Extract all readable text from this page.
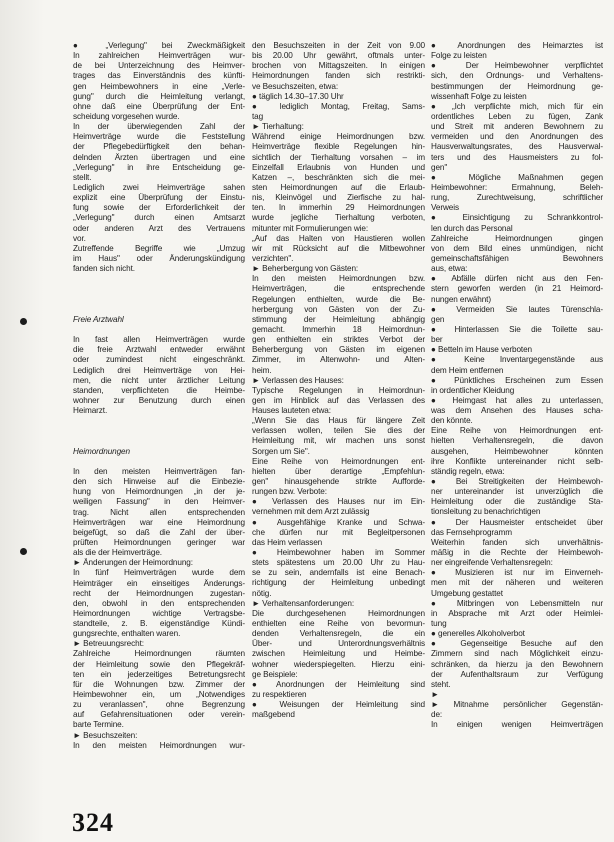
● „Verlegung" bei Zweckmäßigkeit
In zahlreichen Heimverträgen wur-
de bei Unterzeichnung des Heimver-
trages das Einverständnis des künfti-
gen Heimbewohners in eine „Verle-
gung" durch die Heimleitung verlangt,
ohne daß eine Überprüfung der Ent-
scheidung vorgesehen wurde.
In der überwiegenden Zahl der
Heimverträge wurde die Feststellung
der Pflegebedürftigkeit den behan-
delnden Ärzten übertragen und eine
„Verlegung" in ihre Entscheidung ge-
stellt.
Lediglich zwei Heimverträge sahen
explizit eine Überprüfung der Einstu-
fung sowie der Erforderlichkeit der
„Verlegung" durch einen Amtsarzt
oder anderen Arzt des Vertrauens
vor.
Zutreffende Begriffe wie „Umzug
im Haus" oder Änderungskündigung
fanden sich nicht.
Freie Arztwahl
In fast allen Heimverträgen wurde
die freie Arztwahl entweder erwähnt
oder zumindest nicht eingeschränkt.
Lediglich drei Heimverträge von Hei-
men, die nicht unter ärztlicher Leitung
standen, verpflichteten die Heimbe-
wohner zur Benutzung durch einen
Heimarzt.
Heimordnungen
In den meisten Heimverträgen fan-
den sich Hinweise auf die Einbezie-
hung von Heimordnungen „in der je-
weiligen Fassung" in den Heimver-
trag. Nicht allen entsprechenden
Heimverträgen war eine Heimordnung
beigefügt, so daß die Zahl der über-
prüften Heimordnungen geringer war
als die der Heimverträge.
► Änderungen der Heimordnung:
In fünf Heimverträgen wurde dem
Heimträger ein einseitiges Änderungs-
recht der Heimordnungen zugestan-
den, obwohl in den entsprechenden
Heimordnungen wichtige Vertragsbe-
standteile, z. B. eigenständige Kündi-
gungsrechte, enthalten waren.
► Betreuungsrecht:
Zahlreiche Heimordnungen räumten
der Heimleitung sowie den Pflegekräf-
ten ein jederzeitiges Betretungsrecht
für die Wohnungen bzw. Zimmer der
Heimbewohner ein, um „Notwendiges
zu veranlassen", ohne Begrenzung
auf Gefahrensituationen oder verein-
barte Termine.
► Besuchszeiten:
In den meisten Heimordnungen wur-
den Besuchszeiten in der Zeit von 9.00
bis 20.00 Uhr gewährt, oftmals unter-
brochen von Mittagszeiten. In einigen
Heimordnungen fanden sich restrikti-
ve Besuchszeiten, etwa:
● täglich 14.30–17.30 Uhr
● lediglich Montag, Freitag, Sams-
tag
► Tierhaltung:
Während einige Heimordnungen bzw.
Heimverträge flexible Regelungen hin-
sichtlich der Tierhaltung vorsahen – im
Einzelfall Erlaubnis von Hunden und
Katzen –, beschränkten sich die mei-
sten Heimordnungen auf die Erlaub-
nis, Kleinvögel und Zierfische zu hal-
ten. In immerhin 29 Heimordnungen
wurde jegliche Tierhaltung verboten,
mitunter mit Formulierungen wie:
„Auf das Halten von Haustieren wollen
wir mit Rücksicht auf die Mitbewohner
verzichten".
► Beherbergung von Gästen:
In den meisten Heimordnungen bzw.
Heimverträgen, die entsprechende
Regelungen enthielten, wurde die Be-
herbergung von Gästen von der Zu-
stimmung der Heimleitung abhängig
gemacht. Immerhin 18 Heimordnun-
gen enthielten ein striktes Verbot der
Beherbergung von Gästen im eigenen
Zimmer, im Altenwohn- und Alten-
heim.
► Verlassen des Hauses:
Typische Regelungen in Heimordnun-
gen im Hinblick auf das Verlassen des
Hauses lauteten etwa:
„Wenn Sie das Haus für längere Zeit
verlassen wollen, teilen Sie dies der
Heimleitung mit, wir machen uns sonst
Sorgen um Sie".
Eine Reihe von Heimordnungen ent-
hielten über derartige „Empfehlun-
gen" hinausgehende strikte Aufforde-
rungen bzw. Verbote:
● Verlassen des Hauses nur im Ein-
vernehmen mit dem Arzt zulässig
● Ausgehfähige Kranke und Schwa-
che dürfen nur mit Begleitpersonen
das Heim verlassen
● Heimbewohner haben im Sommer
stets spätestens um 20.00 Uhr zu Hau-
se zu sein, andernfalls ist eine Benach-
richtigung der Heimleitung unbedingt
nötig.
► Verhaltensanforderungen:
Die durchgesehenen Heimordnungen
enthielten eine Reihe von bevormun-
denden Verhaltensregeln, die ein
Über- und Unterordnungsverhältnis
zwischen Heimleitung und Heimbe-
wohner wiederspiegelten. Hierzu eini-
ge Beispiele:
● Anordnungen der Heimleitung sind
zu respektieren
● Weisungen der Heimleitung sind
maßgebend
● Anordnungen des Heimarztes ist
Folge zu leisten
● Der Heimbewohner verpflichtet
sich, den Ordnungs- und Verhaltens-
bestimmungen der Heimordnung ge-
wissenhaft Folge zu leisten
● „Ich verpflichte mich, mich für ein
ordentliches Leben zu fügen, Zank
und Streit mit anderen Bewohnern zu
vermeiden und den Anordnungen des
Hausverwaltungsrates, des Hausverwal-
ters und des Hausmeisters zu fol-
gen"
● Mögliche Maßnahmen gegen
Heimbewohner: Ermahnung, Beleh-
rung, Zurechtweisung, schriftlicher
Verweis
● Einsichtigung zu Schrankkontrol-
len durch das Personal
Zahlreiche Heimordnungen gingen
von dem Bild eines unmündigen, nicht
gemeinschaftsfähigen Bewohners
aus, etwa:
● Abfälle dürfen nicht aus den Fen-
stern geworfen werden (in 21 Heimord-
nungen erwähnt)
● Vermeiden Sie lautes Türenschla-
gen
● Hinterlassen Sie die Toilette sau-
ber
● Betteln im Hause verboten
● Keine Inventargegenstände aus
dem Heim entfernen
● Pünktliches Erscheinen zum Essen
in ordentlicher Kleidung
● Heimgast hat alles zu unterlassen,
was dem Ansehen des Hauses scha-
den könnte.
Eine Reihe von Heimordnungen ent-
hielten Verhaltensregeln, die davon
ausgehen, Heimbewohner könnten
ihre Konflikte untereinander nicht selb-
ständig regeln, etwa:
● Bei Streitigkeiten der Heimbewoh-
ner untereinander ist unverzüglich die
Heimleitung oder die zuständige Sta-
tionsleitung zu benachrichtigen
● Der Hausmeister entscheidet über
das Fernsehprogramm
Weiterhin fanden sich unverhältnis-
mäßig in die Rechte der Heimbewoh-
ner eingreifende Verhaltensregeln:
● Musizieren ist nur im Einverneh-
men mit der näheren und weiteren
Umgebung gestattet
● Mitbringen von Lebensmitteln nur
in Absprache mit Arzt oder Heimlei-
tung
● generelles Alkoholverbot
● Gegenseitige Besuche auf den
Zimmern sind nach Möglichkeit einzu-
schränken, da hierzu ja den Bewohnern
der Aufenthaltsraum zur Verfügung
steht.
►
► Mitnahme persönlicher Gegenstän-
de:
In einigen wenigen Heimverträgen
324
